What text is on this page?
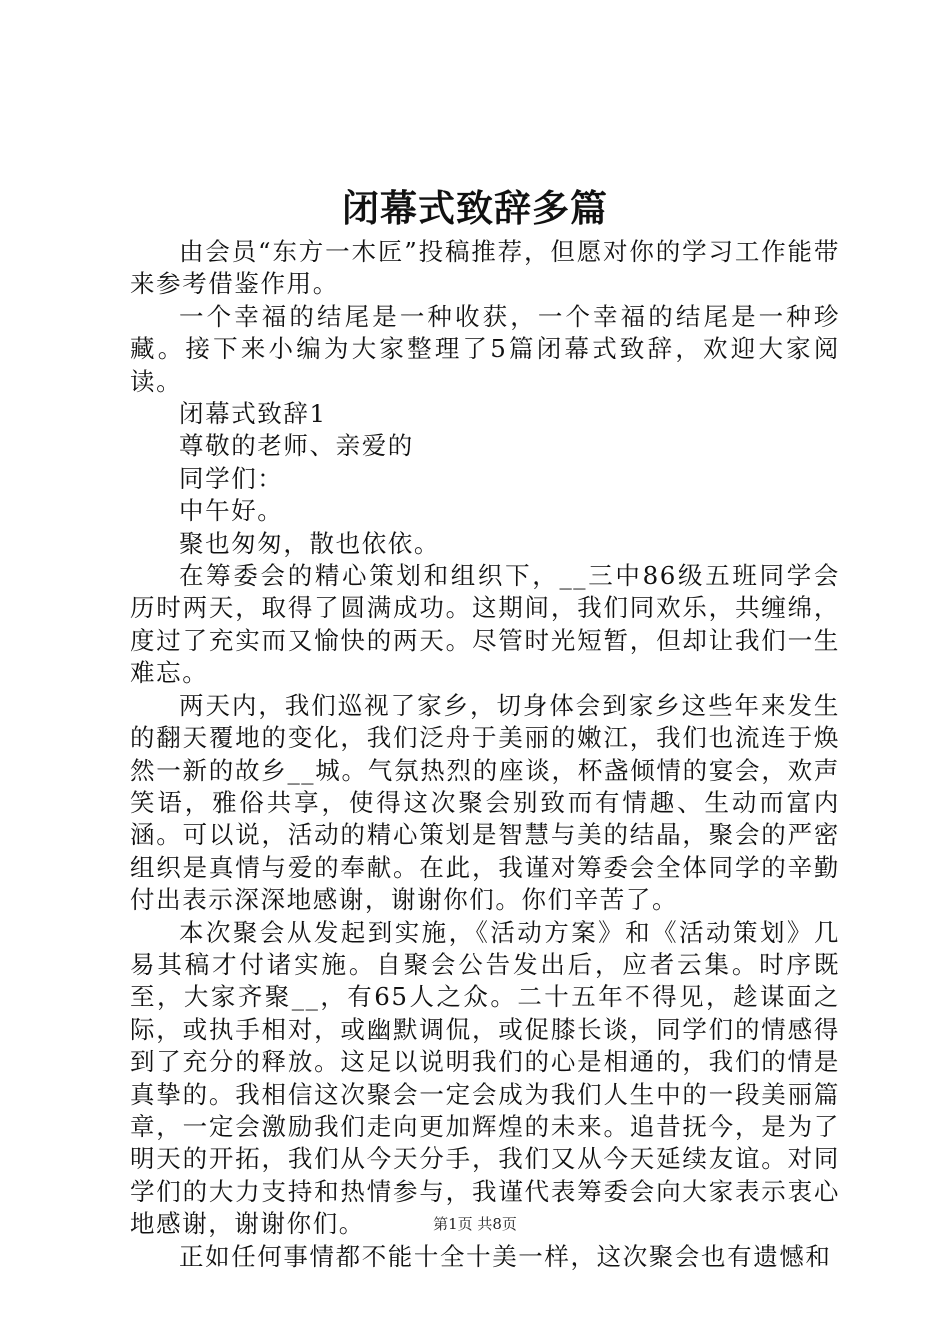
闭幕式致辞多篇

由会员“东方一木匠”投稿推荐，但愿对你的学习工作能带来参考借鉴作用。

一个幸福的结尾是一种收获，一个幸福的结尾是一种珍藏。接下来小编为大家整理了5篇闭幕式致辞，欢迎大家阅读。

闭幕式致辞1

尊敬的老师、亲爱的

同学们：

中午好。

聚也匆匆，散也依依。

在筹委会的精心策划和组织下，__三中86级五班同学会历时两天，取得了圆满成功。这期间，我们同欢乐，共缠绵，度过了充实而又愉快的两天。尽管时光短暂，但却让我们一生难忘。

两天内，我们巡视了家乡，切身体会到家乡这些年来发生的翻天覆地的变化，我们泛舟于美丽的嫩江，我们也流连于焕然一新的故乡__城。气氛热烈的座谈，杯盏倾情的宴会，欢声笑语，雅俗共享，使得这次聚会别致而有情趣、生动而富内涵。可以说，活动的精心策划是智慧与美的结晶，聚会的严密组织是真情与爱的奉献。在此，我谨对筹委会全体同学的辛勤付出表示深深地感谢，谢谢你们。你们辛苦了。

本次聚会从发起到实施，《活动方案》和《活动策划》几易其稿才付诸实施。自聚会公告发出后，应者云集。时序既至，大家齐聚__，有65人之众。二十五年不得见，趁谋面之际，或执手相对，或幽默调侃，或促膝长谈，同学们的情感得到了充分的释放。这足以说明我们的心是相通的，我们的情是真挚的。我相信这次聚会一定会成为我们人生中的一段美丽篇章，一定会激励我们走向更加辉煌的未来。追昔抚今，是为了明天的开拓，我们从今天分手，我们又从今天延续友谊。对同学们的大力支持和热情参与，我谨代表筹委会向大家表示衷心地感谢，谢谢你们。

正如任何事情都不能十全十美一样，这次聚会也有遗憾和

第1页 共8页
